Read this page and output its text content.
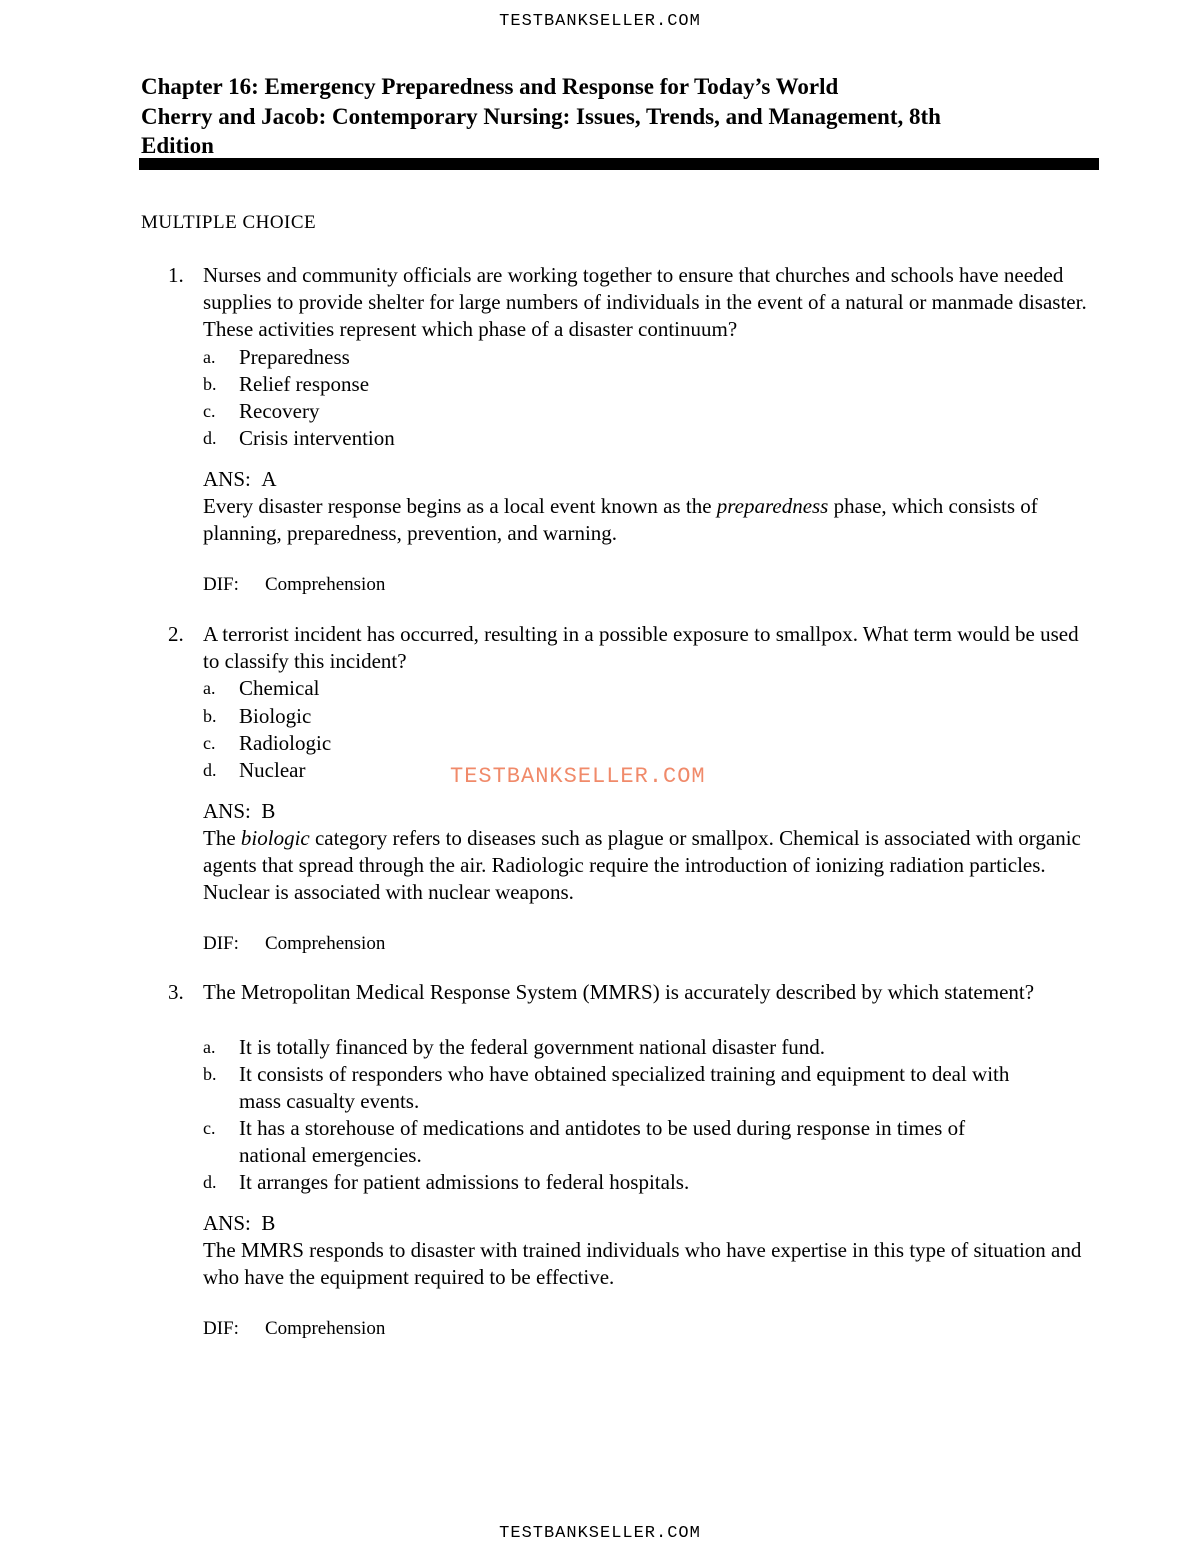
TESTBANKSELLER.COM
Chapter 16: Emergency Preparedness and Response for Today’s World
Cherry and Jacob: Contemporary Nursing: Issues, Trends, and Management, 8th
Edition
MULTIPLE CHOICE
1. Nurses and community officials are working together to ensure that churches and schools have needed supplies to provide shelter for large numbers of individuals in the event of a natural or manmade disaster. These activities represent which phase of a disaster continuum?
a. Preparedness
b. Relief response
c. Recovery
d. Crisis intervention
ANS: A
Every disaster response begins as a local event known as the preparedness phase, which consists of planning, preparedness, prevention, and warning.
DIF: Comprehension
2. A terrorist incident has occurred, resulting in a possible exposure to smallpox. What term would be used to classify this incident?
a. Chemical
b. Biologic
c. Radiologic
d. Nuclear
ANS: B
The biologic category refers to diseases such as plague or smallpox. Chemical is associated with organic agents that spread through the air. Radiologic require the introduction of ionizing radiation particles. Nuclear is associated with nuclear weapons.
DIF: Comprehension
TESTBANKSELLER.COM
3. The Metropolitan Medical Response System (MMRS) is accurately described by which statement?
a. It is totally financed by the federal government national disaster fund.
b. It consists of responders who have obtained specialized training and equipment to deal with mass casualty events.
c. It has a storehouse of medications and antidotes to be used during response in times of national emergencies.
d. It arranges for patient admissions to federal hospitals.
ANS: B
The MMRS responds to disaster with trained individuals who have expertise in this type of situation and who have the equipment required to be effective.
DIF: Comprehension
TESTBANKSELLER.COM
